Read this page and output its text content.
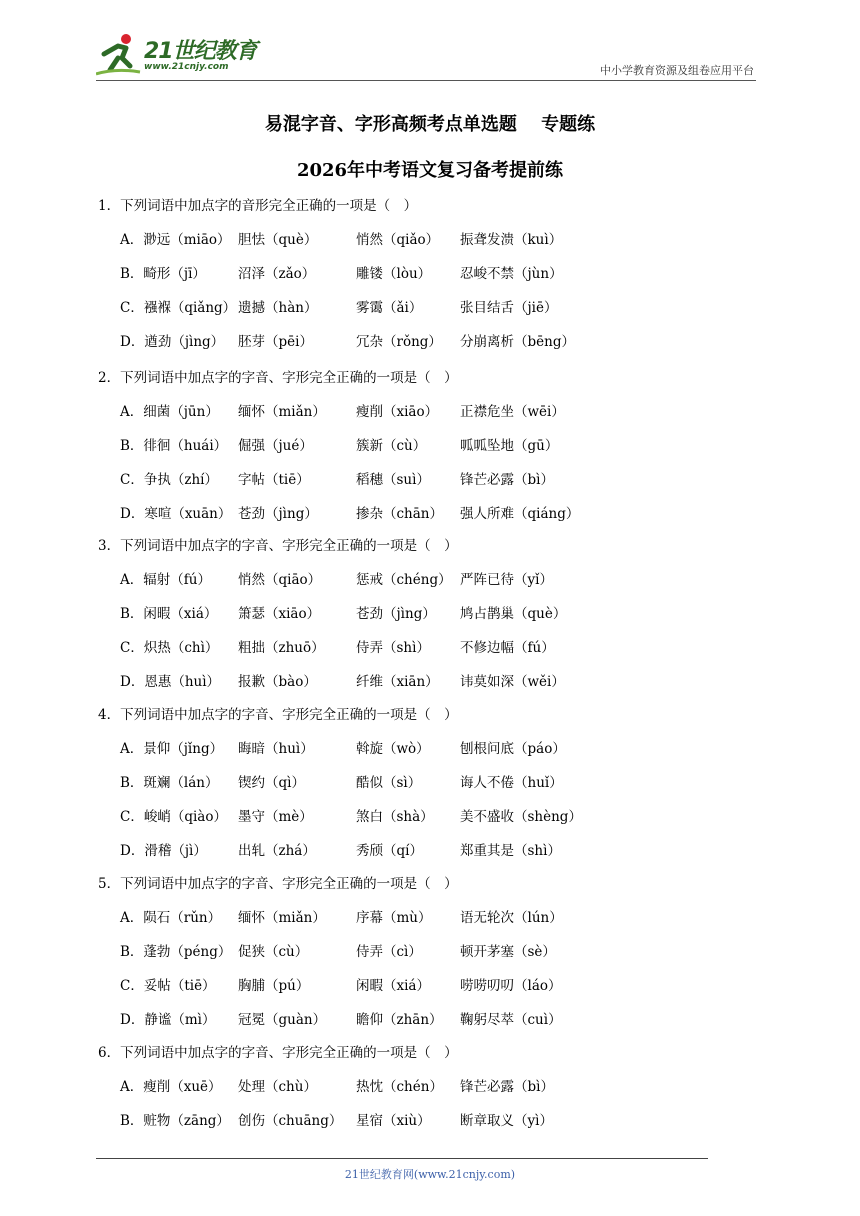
21世纪教育
www.21cnjy.com	中小学教育资源及组卷应用平台
易混字音、字形高频考点单选题　 专题练
2026年中考语文复习备考提前练
1．下列词语中加点字的音形完全正确的一项是（　）
A．渺远（miāo） 胆怯（què）	悄然（qiǎo） 振聋发溃（kuì）
B．畸形（jī） 沼泽（zǎo）	雕镂（lòu） 忍峻不禁（jùn）
C．襁褓（qiǎng） 遗撼（hàn）	雾霭（ǎi）	张目结舌（jiē）
D．遒劲（jìng） 胚芽（pēi）	冗杂（rǒng） 分崩离析（bēng）
2．下列词语中加点字的字音、字形完全正确的一项是（　）
A．细菌（jūn） 缅怀（miǎn） 瘦削（xiāo） 正襟危坐（wēi）
B．徘徊（huái） 倔强（jué）	簇新（cù） 呱呱坠地（gū）
C．争执（zhí） 字帖（tiē）	稻穗（suì） 锋芒必露（bì）
D．寒喧（xuān） 苍劲（jìng）	掺杂（chān） 强人所难（qiáng）
3．下列词语中加点字的字音、字形完全正确的一项是（　）
A．辐射（fú） 悄然（qiāo）	惩戒（chéng） 严阵已待（yǐ）
B．闲暇（xiá） 箫瑟（xiāo）	苍劲（jìng） 鸠占鹊巢（què）
C．炽热（chì） 粗拙（zhuō） 侍弄（shì） 不修边幅（fú）
D．恩惠（huì） 报歉（bào）	纤维（xiān） 讳莫如深（wěi）
4．下列词语中加点字的字音、字形完全正确的一项是（　）
A．景仰（jǐng） 晦暗（huì）	斡旋（wò） 刨根问底（páo）
B．斑斓（lán） 锲约（qì）	酷似（sì）	诲人不倦（huǐ）
C．峻峭（qiào） 墨守（mè）	煞白（shà） 美不盛收（shèng）
D．滑稽（jì） 出轧（zhá）	秀颀（qí）	郑重其是（shì）
5．下列词语中加点字的字音、字形完全正确的一项是（　）
A．陨石（rǔn） 缅怀（miǎn） 序幕（mù） 语无轮次（lún）
B．蓬勃（péng） 促狭（cù）	侍弄（cì）	顿开茅塞（sè）
C．妥帖（tiē） 胸脯（pú）	闲暇（xiá） 唠唠叨叨（láo）
D．静谧（mì） 冠冕（guàn） 瞻仰（zhān） 鞠躬尽萃（cuì）
6．下列词语中加点字的字音、字形完全正确的一项是（　）
A．瘦削（xuē） 处理（chù）	热忱（chén） 锋芒必露（bì）
B．赃物（zāng） 创伤（chuāng） 星宿（xiù） 断章取义（yì）
21世纪教育网(www.21cnjy.com)
